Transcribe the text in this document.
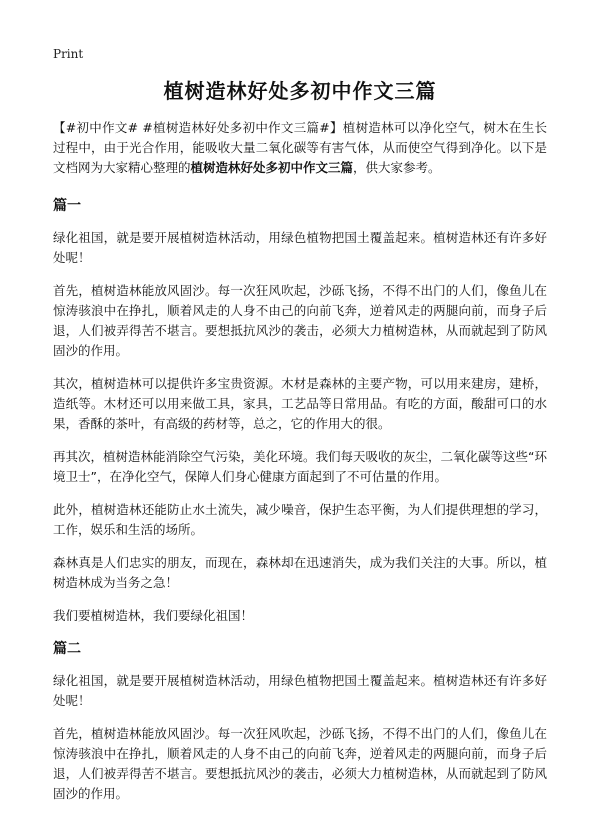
Print
植树造林好处多初中作文三篇

【#初中作文# #植树造林好处多初中作文三篇#】植树造林可以净化空气，树木在生长过程中，由于光合作用，能吸收大量二氧化碳等有害气体，从而使空气得到净化。以下是文档网为大家精心整理的植树造林好处多初中作文三篇，供大家参考。

篇一

绿化祖国，就是要开展植树造林活动，用绿色植物把国土覆盖起来。植树造林还有许多好处呢！

首先，植树造林能放风固沙。每一次狂风吹起，沙砾飞扬，不得不出门的人们，像鱼儿在惊涛骇浪中在挣扎，顺着风走的人身不由己的向前飞奔，逆着风走的两腿向前，而身子后退，人们被弄得苦不堪言。要想抵抗风沙的袭击，必须大力植树造林，从而就起到了防风固沙的作用。

其次，植树造林可以提供许多宝贵资源。木材是森林的主要产物，可以用来建房，建桥，造纸等。木材还可以用来做工具，家具，工艺品等日常用品。有吃的方面，酸甜可口的水果，香酥的茶叶，有高级的药材等，总之，它的作用大的很。

再其次，植树造林能消除空气污染，美化环境。我们每天吸收的灰尘，二氧化碳等这些“环境卫士”，在净化空气，保障人们身心健康方面起到了不可估量的作用。

此外，植树造林还能防止水土流失，减少噪音，保护生态平衡，为人们提供理想的学习，工作，娱乐和生活的场所。

森林真是人们忠实的朋友，而现在，森林却在迅速消失，成为我们关注的大事。所以，植树造林成为当务之急！

我们要植树造林，我们要绿化祖国！

篇二

绿化祖国，就是要开展植树造林活动，用绿色植物把国土覆盖起来。植树造林还有许多好处呢！

首先，植树造林能放风固沙。每一次狂风吹起，沙砾飞扬，不得不出门的人们，像鱼儿在惊涛骇浪中在挣扎，顺着风走的人身不由己的向前飞奔，逆着风走的两腿向前，而身子后退，人们被弄得苦不堪言。要想抵抗风沙的袭击，必须大力植树造林，从而就起到了防风固沙的作用。
